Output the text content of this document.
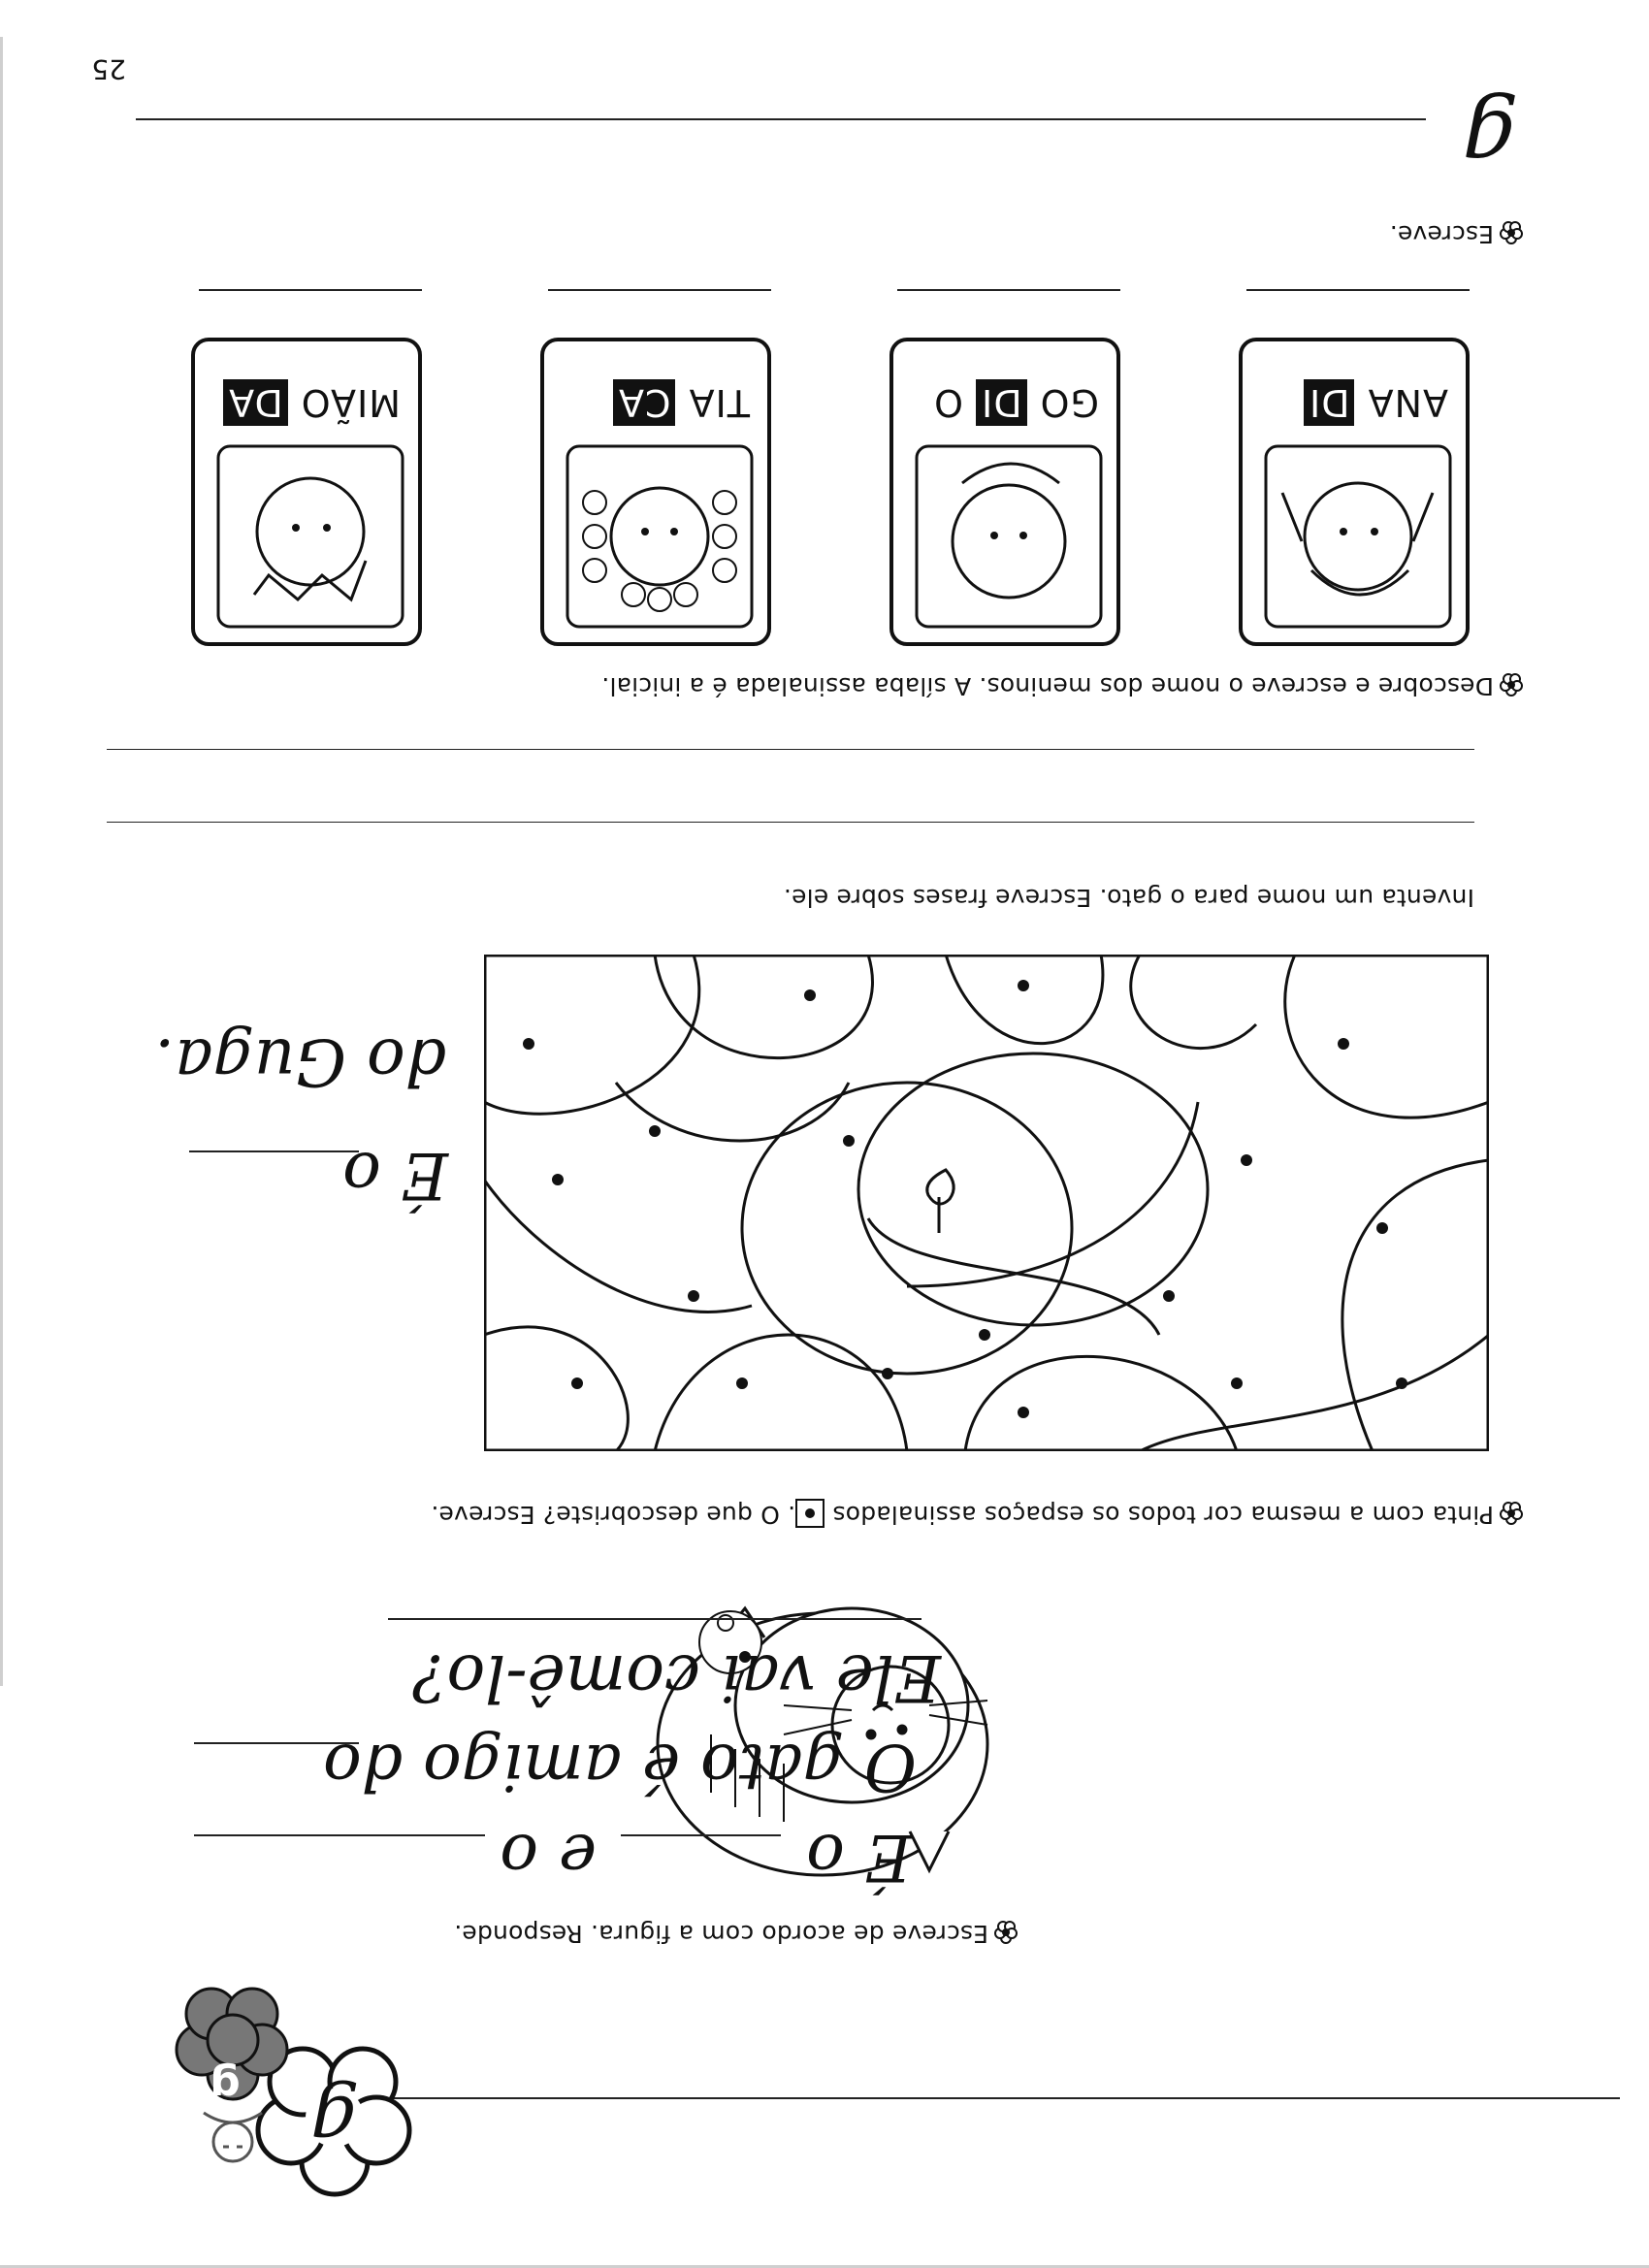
g
g
Escreve de acordo com a figura. Responde.
É o
e o
O gato é amigo do
Ele vai comê-lo?
Pinta com a mesma cor todos os espaços assinalados
. O que descobriste? Escreve.
É o
do Guga.
Inventa um nome para o gato. Escreve frases sobre ele.
Descobre e escreve o nome dos meninos. A sílaba assinalada é a inicial.
ANA DI
GO DI O
TIA CA
MIÃO DA
Escreve.
g
25
